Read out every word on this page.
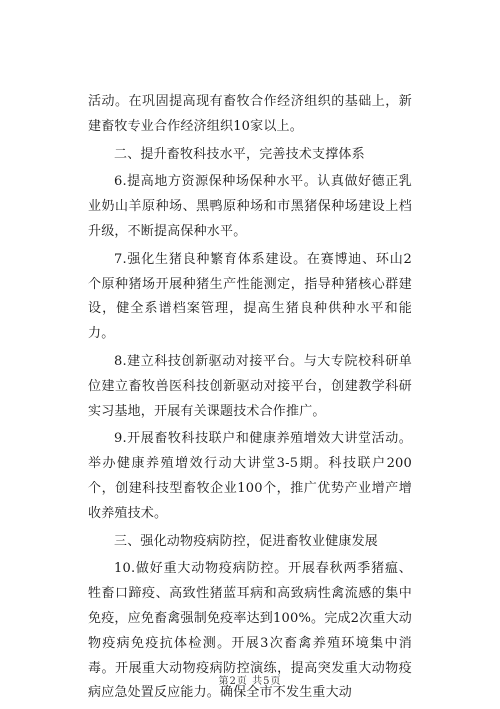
活动。在巩固提高现有畜牧合作经济组织的基础上，新建畜牧专业合作经济组织10家以上。

二、提升畜牧科技水平，完善技术支撑体系

6.提高地方资源保种场保种水平。认真做好德正乳业奶山羊原种场、黑鸭原种场和市黑猪保种场建设上档升级，不断提高保种水平。

7.强化生猪良种繁育体系建设。在赛博迪、环山2个原种猪场开展种猪生产性能测定，指导种猪核心群建设，健全系谱档案管理，提高生猪良种供种水平和能力。

8.建立科技创新驱动对接平台。与大专院校科研单位建立畜牧兽医科技创新驱动对接平台，创建教学科研实习基地，开展有关课题技术合作推广。

9.开展畜牧科技联户和健康养殖增效大讲堂活动。举办健康养殖增效行动大讲堂3-5期。科技联户200个，创建科技型畜牧企业100个，推广优势产业增产增收养殖技术。

三、强化动物疫病防控，促进畜牧业健康发展

10.做好重大动物疫病防控。开展春秋两季猪瘟、牲畜口蹄疫、高致性猪蓝耳病和高致病性禽流感的集中免疫，应免畜禽强制免疫率达到100%。完成2次重大动物疫病免疫抗体检测。开展3次畜禽养殖环境集中消毒。开展重大动物疫病防控演练，提高突发重大动物疫病应急处置反应能力。确保全市不发生重大动

第2页 共5页
